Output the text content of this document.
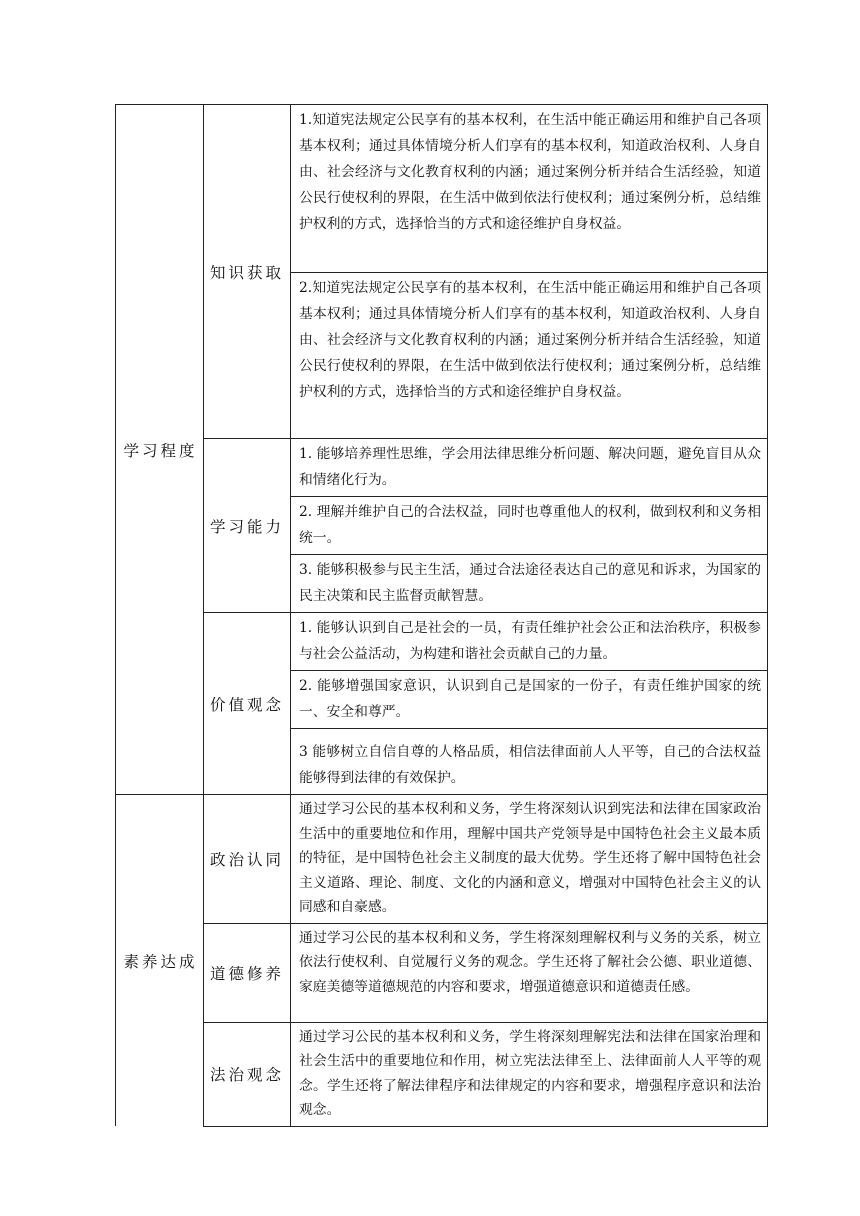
学习程度	知识获取	1.知道宪法规定公民享有的基本权利，在生活中能正确运用和维护自己各项基本权利；通过具体情境分析人们享有的基本权利，知道政治权利、人身自由、社会经济与文化教育权利的内涵；通过案例分析并结合生活经验，知道公民行使权利的界限，在生活中做到依法行使权利；通过案例分析，总结维护权利的方式，选择恰当的方式和途径维护自身权益。
		2.知道宪法规定公民享有的基本权利，在生活中能正确运用和维护自己各项基本权利；通过具体情境分析人们享有的基本权利，知道政治权利、人身自由、社会经济与文化教育权利的内涵；通过案例分析并结合生活经验，知道公民行使权利的界限，在生活中做到依法行使权利；通过案例分析，总结维护权利的方式，选择恰当的方式和途径维护自身权益。
	学习能力	1. 能够培养理性思维，学会用法律思维分析问题、解决问题，避免盲目从众和情绪化行为。
		2. 理解并维护自己的合法权益，同时也尊重他人的权利，做到权利和义务相统一。
		3. 能够积极参与民主生活，通过合法途径表达自己的意见和诉求，为国家的民主决策和民主监督贡献智慧。
	价值观念	1. 能够认识到自己是社会的一员，有责任维护社会公正和法治秩序，积极参与社会公益活动，为构建和谐社会贡献自己的力量。
		2. 能够增强国家意识，认识到自己是国家的一份子，有责任维护国家的统一、安全和尊严。
		3 能够树立自信自尊的人格品质，相信法律面前人人平等，自己的合法权益能够得到法律的有效保护。
素养达成	政治认同	通过学习公民的基本权利和义务，学生将深刻认识到宪法和法律在国家政治生活中的重要地位和作用，理解中国共产党领导是中国特色社会主义最本质的特征，是中国特色社会主义制度的最大优势。学生还将了解中国特色社会主义道路、理论、制度、文化的内涵和意义，增强对中国特色社会主义的认同感和自豪感。
	道德修养	通过学习公民的基本权利和义务，学生将深刻理解权利与义务的关系，树立依法行使权利、自觉履行义务的观念。学生还将了解社会公德、职业道德、家庭美德等道德规范的内容和要求，增强道德意识和道德责任感。
	法治观念	通过学习公民的基本权利和义务，学生将深刻理解宪法和法律在国家治理和社会生活中的重要地位和作用，树立宪法法律至上、法律面前人人平等的观念。学生还将了解法律程序和法律规定的内容和要求，增强程序意识和法治观念。
